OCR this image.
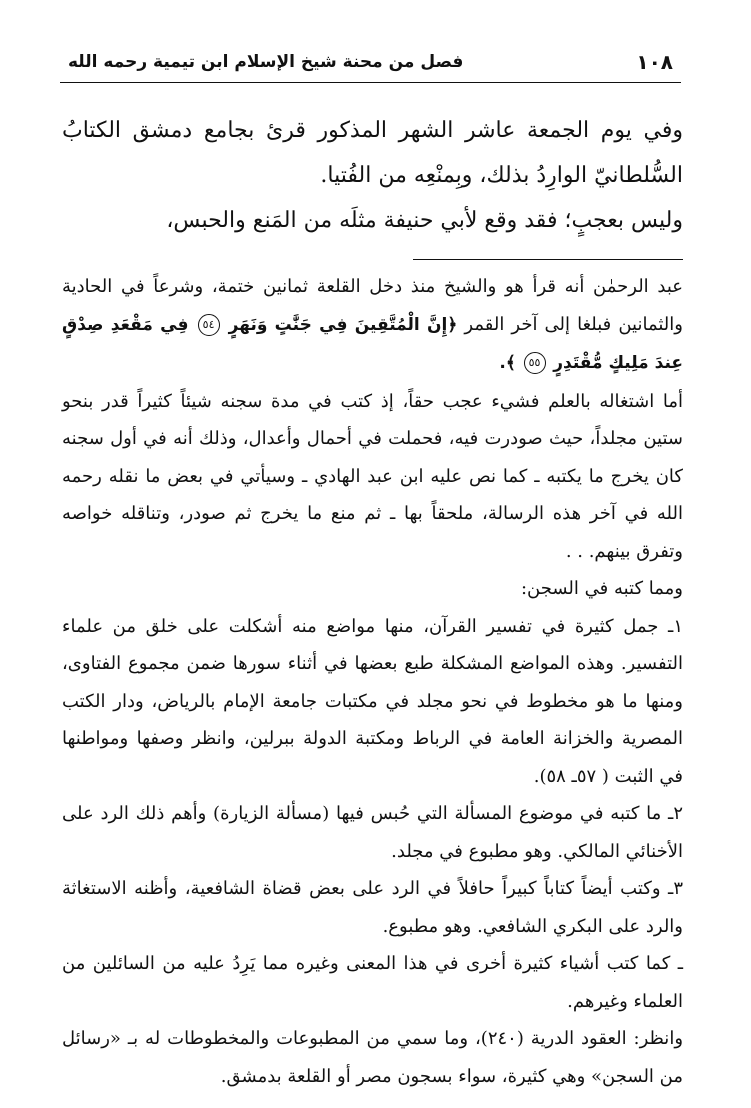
١٠٨
فصل من محنة شيخ الإسلام ابن تيمية رحمه الله

وفي يوم الجمعة عاشر الشهر المذكور قرئ بجامع دمشق الكتابُ السُّلطانيّ الوارِدُ بذلك، وبِمنْعِه من الفُتيا.

وليس بعجبٍ؛ فقد وقع لأبي حنيفة مثلَه من المَنع والحبس،

عبد الرحمٰن أنه قرأ هو والشيخ منذ دخل القلعة ثمانين ختمة، وشرعاً في الحادية والثمانين فبلغا إلى آخر القمر ﴿إِنَّ الْمُتَّقِينَ فِي جَنَّٰتٍ وَنَهَرٍ ٥٤ فِي مَقْعَدِ صِدْقٍ عِندَ مَلِيكٍ مُّقْتَدِرٍ ٥٥ ﴾.

أما اشتغاله بالعلم فشيء عجب حقاً، إذ كتب في مدة سجنه شيئاً كثيراً قدر بنحو ستين مجلداً، حيث صودرت فيه، فحملت في أحمال وأعدال، وذلك أنه في أول سجنه كان يخرج ما يكتبه ـ كما نص عليه ابن عبد الهادي ـ وسيأتي في بعض ما نقله رحمه الله في آخر هذه الرسالة، ملحقاً بها ـ ثم منع ما يخرج ثم صودر، وتناقله خواصه وتفرق بينهم. . .

ومما كتبه في السجن:

١ـ جمل كثيرة في تفسير القرآن، منها مواضع منه أشكلت على خلق من علماء التفسير. وهذه المواضع المشكلة طبع بعضها في أثناء سورها ضمن مجموع الفتاوى، ومنها ما هو مخطوط في نحو مجلد في مكتبات جامعة الإمام بالرياض، ودار الكتب المصرية والخزانة العامة في الرباط ومكتبة الدولة ببرلين، وانظر وصفها ومواطنها في الثبت ( ٥٧ـ ٥٨).

٢ـ ما كتبه في موضوع المسألة التي حُبس فيها (مسألة الزيارة) وأهم ذلك الرد على الأخنائي المالكي. وهو مطبوع في مجلد.

٣ـ وكتب أيضاً كتاباً كبيراً حافلاً في الرد على بعض قضاة الشافعية، وأظنه الاستغاثة والرد على البكري الشافعي. وهو مطبوع.

ـ كما كتب أشياء كثيرة أخرى في هذا المعنى وغيره مما يَرِدُ عليه من السائلين من العلماء وغيرهم.

وانظر: العقود الدرية (٢٤٠)، وما سمي من المطبوعات والمخطوطات له بـ «رسائل من السجن» وهي كثيرة، سواء بسجون مصر أو القلعة بدمشق.
